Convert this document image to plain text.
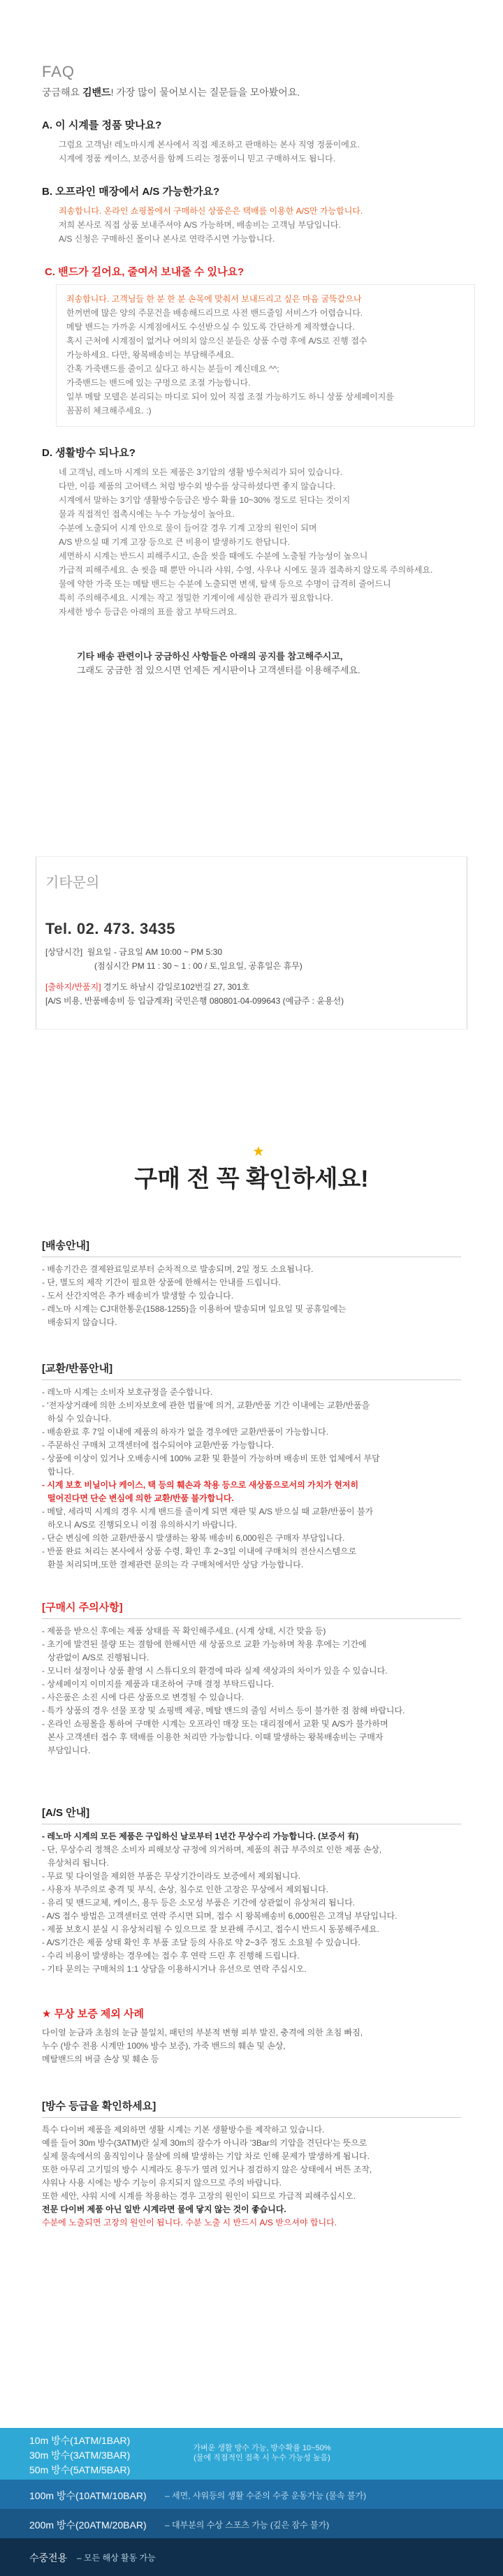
FAQ
궁금해요 김밴드! 가장 많이 물어보시는 질문들을 모아봤어요.
A. 이 시계를 정품 맞나요?
그럼요 고객님! 레노마시계 본사에서 직접 제조하고 판매하는 본사 직영 정품이에요.
시계에 정품 케이스, 보증서를 함께 드리는 정품이니 믿고 구매하셔도 됩니다.
B. 오프라인 매장에서 A/S 가능한가요?
죄송합니다. 온라인 쇼핑몰에서 구매하신 상품은은 택배를 이용한 A/S만 가능합니다.
저희 본사로 직접 상품 보내주셔야 A/S 가능하며, 배송비는 고객님 부담입니다.
A/S 신청은 구매하신 몰이나 본사로 연락주시면 가능합니다.
C. 밴드가 길어요, 줄여서 보내줄 수 있나요?
죄송합니다. 고객님들 한 분 한 분 손목에 맞춰서 보내드리고 싶은 마음 굴뚝같으나
한꺼번에 많은 양의 주문건을 배송해드리므로 사전 밴드줄임 서비스가 어렵습니다.
메탈 밴드는 가까운 시계점에서도 수선받으실 수 있도록 간단하게 제작했습니다.
혹시 근처에 시계점이 없거나 여의치 않으신 분들은 상품 수령 후에 A/S로 진행 접수
가능하세요. 다만, 왕복배송비는 부담해주세요.
간혹 가죽밴드를 줄이고 싶다고 하시는 분들이 계신데요 ^^;
가죽밴드는 밴드에 있는 구멍으로 조절 가능합니다.
일부 메탈 모델은 분리되는 마디로 되어 있어 직접 조절 가능하기도 하니 상품 상세페이지를
꼼꼼히 체크해주세요. :)
D. 생활방수 되나요?
네 고객님, 레노마 시계의 모든 제품은 3기압의 생활 방수처리가 되어 있습니다.
다만, 이름 제품의 고어텍스 처럼 방수외 방수를 상극하셨다면 좋지 않습니다.
시계에서 말하는 3기압 생활방수등급은 방수 확률 10~30% 정도로 된다는 것이지
물과 직접적인 접촉시에는 누수 가능성이 높아요.
수분에 노출되어 시계 안으로 물이 들어갈 경우 기계 고장의 원인이 되며
A/S 받으실 때 기계 고장 등으로 큰 비용이 발생하기도 한답니다.
세면하시 시계는 반드시 피해주시고, 손을 씻을 때에도 수분에 노출될 가능성이 높으니
가급적 피해주세요. 손 씻을 때 뿐만 아니라 샤워, 수영, 사우나 시에도 물과 접촉하지 않도록 주의하세요.
물에 약한 가죽 또는 메탈 밴드는 수분에 노출되면 변색, 탈색 등으로 수명이 급격히 줄어드니
특히 주의해주세요. 시계는 작고 정밀한 기계이에 세심한 관리가 필요합니다.
자세한 방수 등급은 아래의 표를 참고 부탁드려요.
기타 배송 관련이나 궁금하신 사항들은 아래의 공지를 참고해주시고,
그래도 궁금한 점 있으시면 언제든 게시판이나 고객센터를 이용해주세요.
기타문의
Tel. 02. 473. 3435
[상담시간] 월요일 - 금요일 AM 10:00 ~ PM 5:30
(점심시간 PM 11 : 30 ~ 1 : 00 / 토,일요일, 공휴일은 휴무)
[출하지/반품지] 경기도 하남시 감일로102번길 27, 301호
[A/S 비용, 반품배송비 등 입금계좌] 국민은행 080801-04-099643 (예금주 : 윤용선)
구매 전 꼭 확인하세요!
[배송안내]
- 배송기간은 결제완료일로부터 순차적으로 발송되며, 2일 정도 소요됩니다.
- 단, 별도의 제작 기간이 필요한 상품에 한해서는 안내를 드립니다.
- 도서 산간지역은 추가 배송비가 발생할 수 있습니다.
- 레노마 시계는 CJ대한통운(1588-1255)을 이용하여 발송되며 일요일 및 공휴일에는
배송되지 않습니다.
[교환/반품안내]
- 레노마 시계는 소비자 보호규정을 준수합니다.
- '전자상거래에 의한 소비자보호에 관한 법률'에 의거, 교환/반품 기간 이내에는 교환/반품을
하실 수 있습니다.
- 배송완료 후 7일 이내에 제품의 하자가 없을 경우에만 교환/반품이 가능합니다.
- 주문하신 구매처 고객센터에 접수되어야 교환/반품 가능합니다.
- 상품에 이상이 있거나 오배송시에 100% 교환 및 환불이 가능하며 배송비 또한 업체에서 부담
합니다.
- 시계 보호 비닐이나 케이스, 택 등의 훼손과 착용 등으로 새상품으로서의 가치가 현저히
떨어진다면 단순 변심에 의한 교환/반품 불가합니다.
- 메탈, 세라믹 시계의 경우 시계 밴드를 줄이게 되면 재판 및 A/S 받으실 때 교환/반품이 불가
하오니 A/S로 진행되오니 이점 유의하시기 바랍니다.
- 단순 변심에 의한 교환/반품시 발생하는 왕복 배송비 6,000원은 구매자 부담입니다.
- 반품 완료 처리는 본사에서 상품 수령, 확인 후 2~3일 이내에 구매처의 전산시스템으로
환불 처리되며,또한 결제관련 문의는 각 구매처에서만 상담 가능합니다.
[구매시 주의사항]
- 제품을 받으신 후에는 제품 상태를 꼭 확인해주세요. (시계 상태, 시간 맞음 등)
- 초기에 발견된 불량 또는 결함에 한해서만 새 상품으로 교환 가능하며 착용 후에는 기간에
상관없이 A/S로 진행됩니다.
- 모니터 설정이나 상품 촬영 시 스튜디오의 환경에 따라 실제 색상과의 차이가 있을 수 있습니다.
- 상세페이지 이미지를 제품과 대조하여 구매 결정 부탁드립니다.
- 사은품은 소진 시에 다른 상품으로 변경될 수 있습니다.
- 특가 상품의 경우 선물 포장 및 쇼핑백 제공, 메탈 밴드의 줄임 서비스 등이 불가한 점 참해 바랍니다.
- 온라인 쇼핑몰을 통하여 구매한 시계는 오프라인 매장 또는 대리점에서 교환 및 A/S가 불가하며
본사 고객센터 접수 후 택배를 이용한 처리만 가능합니다. 이때 발생하는 왕복배송비는 구매자
부담입니다.
[A/S 안내]
- 레노마 시계의 모든 제품은 구입하신 날로부터 1년간 무상수리 가능합니다. (보증서 有)
- 단, 무상수리 정책은 소비자 피해보상 규정에 의거하며, 제품의 취급 부주의로 인한 제품 손상,
유상처리 됩니다.
- 무료 및 다이얼을 제외한 부품은 무상기간이라도 보증에서 제외됩니다.
- 사용자 부주의로 충격 및 부식, 손상, 침수로 인한 고장은 무상에서 제외됩니다.
- 유리 및 밴드교체, 케이스, 용두 등은 소모성 부품은 기간에 상관없이 유상처리 됩니다.
- A/S 접수 방법은 고객센터로 연락 주시면 되며, 접수 시 왕복배송비 6,000원은 고객님 부담입니다.
- 제품 보호시 분실 시 유상처리될 수 있으므로 잘 보관해 주시고, 접수시 반드시 동봉해주세요.
- A/S기간은 제품 상태 확인 후 부품 조달 등의 사유로 약 2~3주 정도 소요될 수 있습니다.
- 수리 비용이 발생하는 경우에는 접수 후 연락 드린 후 진행해 드립니다.
- 기타 문의는 구매처의 1:1 상담을 이용하시거나 유선으로 연락 주십시오.
★ 무상 보증 제외 사례
다이얼 눈금과 초침의 눈금 불일치, 패턴의 부분적 변형 피부 발진, 충격에 의한 초침 빠짐,
누수 (방수 전용 시계만 100% 방수 보증), 가죽 밴드의 훼손 및 손상,
메탈밴드의 버클 손상 및 훼손 등
[방수 등급을 확인하세요]
특수 다이버 제품을 제외하면 생활 시계는 기본 생활방수를 제작하고 있습니다.
예를 들어 30m 방수(3ATM)란 실제 30m의 잠수가 아니라 '3Bar의 기압을 견딘다'는 뜻으로
실제 물속에서의 움직임이나 물살에 의해 발생하는 기압 차로 인해 문제가 발생하게 됩니다.
또한 아무리 고기밀의 방수 시계라도 용두가 열려 있거나 점검하지 않은 상태에서 버튼 조작,
샤워나 사용 시에는 방수 기능이 유지되지 않으므로 주의 바랍니다.
또한 세안, 샤워 시에 시계를 착용하는 경우 고장의 원인이 되므로 가급적 피해주십시오.
전문 다이버 제품 아닌 일반 시계라면 물에 닿지 않는 것이 좋습니다.
수분에 노출되면 고장의 원인이 됩니다. 수분 노출 시 반드시 A/S 받으셔야 합니다.
10m 방수(1ATM/1BAR)
30m 방수(3ATM/3BAR)
50m 방수(5ATM/5BAR)
가벼운 생활 방수 가능, 방수확률 10~50%
(물에 직접적인 접촉 시 누수 가능성 높음)
100m 방수(10ATM/10BAR) – 세면, 샤워등의 생활 수준의 수중 운동가능 (물속 불가)
200m 방수(20ATM/20BAR) – 대부분의 수상 스포츠 가능 (깊은 잠수 불가)
수중전용 – 모든 해상 활동 가능
